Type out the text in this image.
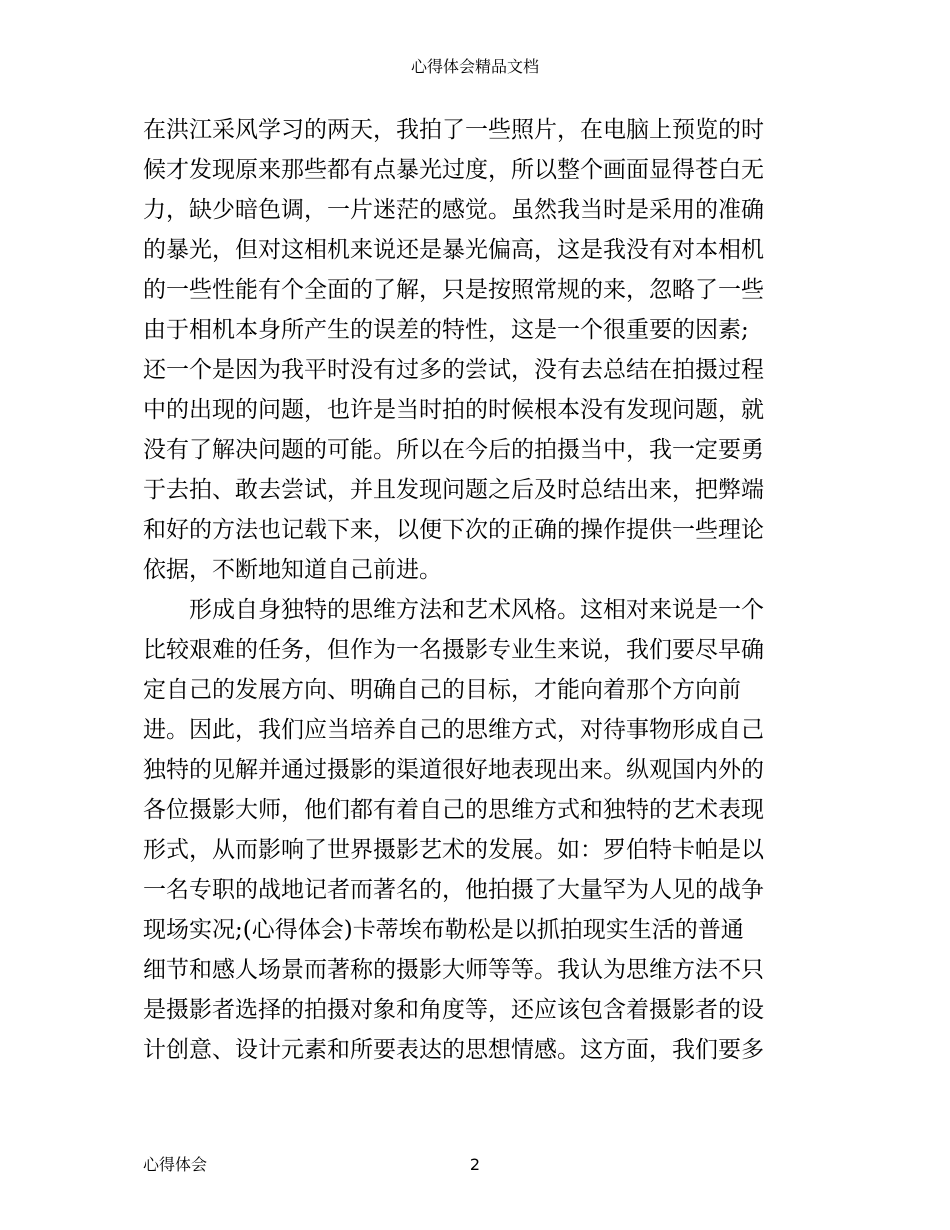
心得体会精品文档

在洪江采风学习的两天，我拍了一些照片，在电脑上预览的时
候才发现原来那些都有点暴光过度，所以整个画面显得苍白无
力，缺少暗色调，一片迷茫的感觉。虽然我当时是采用的准确
的暴光，但对这相机来说还是暴光偏高，这是我没有对本相机
的一些性能有个全面的了解，只是按照常规的来，忽略了一些
由于相机本身所产生的误差的特性，这是一个很重要的因素;
还一个是因为我平时没有过多的尝试，没有去总结在拍摄过程
中的出现的问题，也许是当时拍的时候根本没有发现问题，就
没有了解决问题的可能。所以在今后的拍摄当中，我一定要勇
于去拍、敢去尝试，并且发现问题之后及时总结出来，把弊端
和好的方法也记载下来，以便下次的正确的操作提供一些理论
依据，不断地知道自己前进。

　　形成自身独特的思维方法和艺术风格。这相对来说是一个
比较艰难的任务，但作为一名摄影专业生来说，我们要尽早确
定自己的发展方向、明确自己的目标，才能向着那个方向前
进。因此，我们应当培养自己的思维方式，对待事物形成自己
独特的见解并通过摄影的渠道很好地表现出来。纵观国内外的
各位摄影大师，他们都有着自己的思维方式和独特的艺术表现
形式，从而影响了世界摄影艺术的发展。如：罗伯特卡帕是以
一名专职的战地记者而著名的，他拍摄了大量罕为人见的战争
现场实况;(心得体会)卡蒂埃布勒松是以抓拍现实生活的普通
细节和感人场景而著称的摄影大师等等。我认为思维方法不只
是摄影者选择的拍摄对象和角度等，还应该包含着摄影者的设
计创意、设计元素和所要表达的思想情感。这方面，我们要多

心得体会	2
